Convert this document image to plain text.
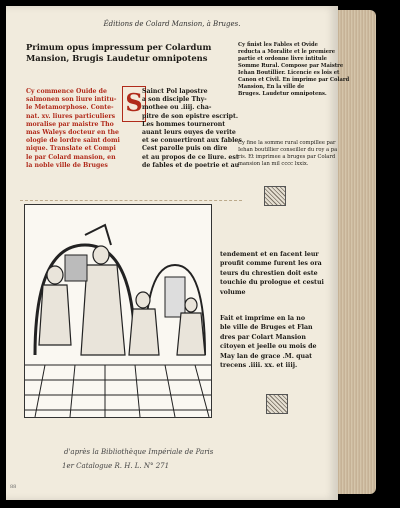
Éditions de Colard Mansion, à Bruges.
Primum opus impressum per Colardum
Mansion, Brugis Laudetur omnipotens
Cy commence Ouide de
salmonen son liure intitu-
le Metamorphose. Conte-
nat. xv. liures particuliers
moralise par maistre Tho
mas Waleys docteur en the
ologie de lordre saint domi
nique. Translate et Compi
le par Colard mansion, en
la noble ville de Bruges
S Sainct Pol lapostre
a son disciple Thy-
mothee ou .iiij. cha-
pitre de son epistre escript.
Les hommes tourneront
auant leurs ouyes de verite
et se conuertiront aux fables
Cest parolle puis on dire
et au propos de ce liure. est
de fables et de poetrie et au
Cy finist les Fables et Ovide
reducta a Moralite et le premiere
partie et ordonne livre intitule
Somme Rural. Compose par Maistre
Iehan Boutillier. Licencie es lois et
Canon et Civil. En imprime par Colard
Mansion, En la ville de
Bruges. Laudetur omnipotens.
Cy fine la somme rural compillee par
Iehan boutillier conseiller du roy a pa
ris. Et imprimee a bruges par Colard
mansion lan mil cccc lxxix.
tendement et en facent leur
proufit comme furent les ora
teurs du chrestien doit este
touchie du prologue et cestui
volume
Fait et imprime en la no
ble ville de Bruges et Flan
dres par Colart Mansion
citoyen et jeelle ou mois de
May lan de grace .M. quat
trecens .iiii. xx. et iiij.
d'après la Bibliothèque Impériale de Paris
1er Catalogue R. H. L. N° 271
88
